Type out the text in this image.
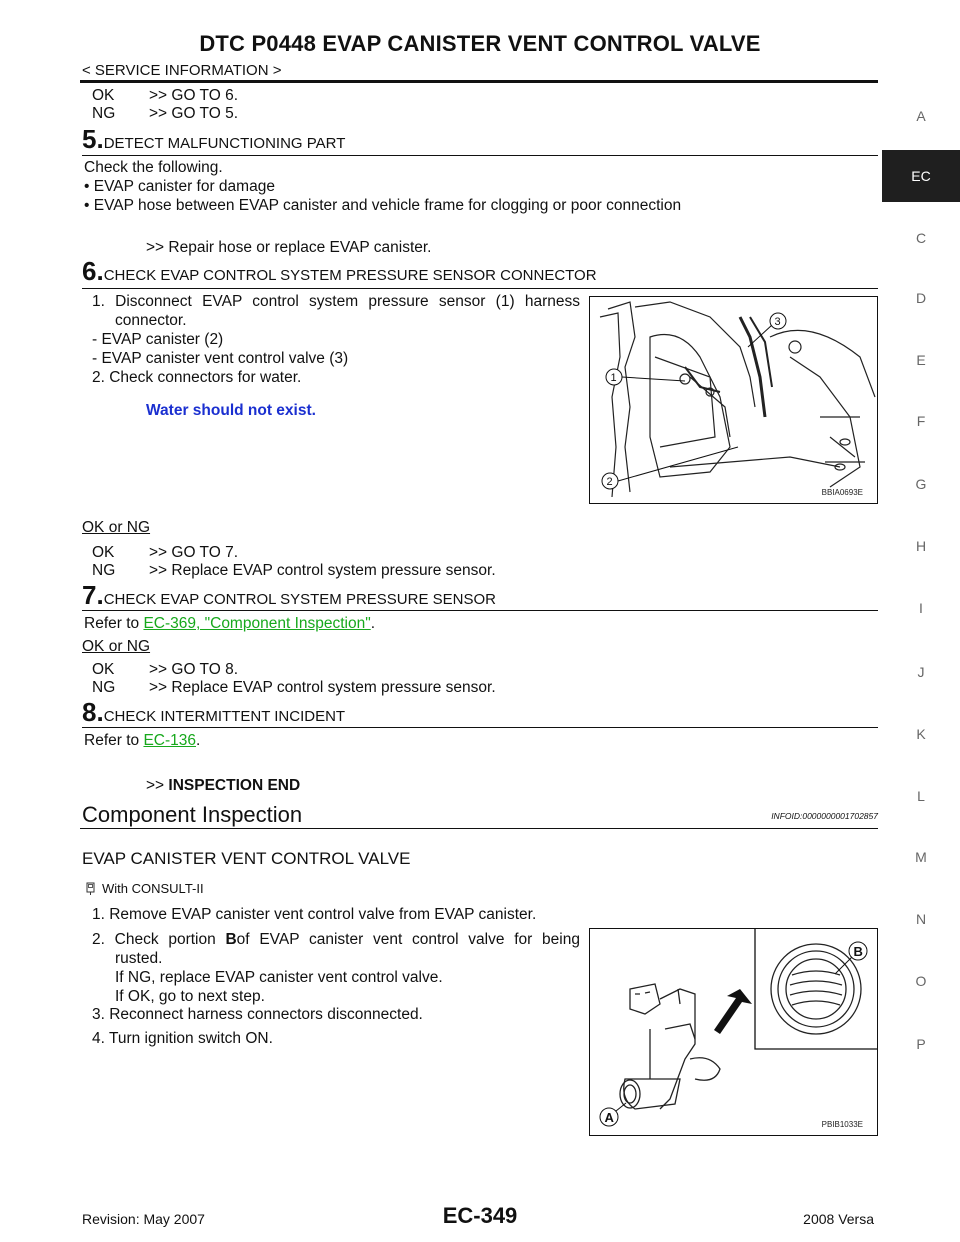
DTC P0448 EVAP CANISTER VENT CONTROL VALVE
< SERVICE INFORMATION >
A
EC
C
D
E
F
G
H
I
J
K
L
M
N
O
P
OK >> GO TO 6.
NG >> GO TO 5.
5.DETECT MALFUNCTIONING PART
Check the following.
• EVAP canister for damage
• EVAP hose between EVAP canister and vehicle frame for clogging or poor connection
>> Repair hose or replace EVAP canister.
6.CHECK EVAP CONTROL SYSTEM PRESSURE SENSOR CONNECTOR
1. Disconnect EVAP control system pressure sensor (1) harness
connector.
- EVAP canister (2)
- EVAP canister vent control valve (3)
2. Check connectors for water.
Water should not exist.
1
2
3
BBIA0693E
OK or NG
OK >> GO TO 7.
NG >> Replace EVAP control system pressure sensor.
7.CHECK EVAP CONTROL SYSTEM PRESSURE SENSOR
Refer to EC-369, "Component Inspection".
OK or NG
OK >> GO TO 8.
NG >> Replace EVAP control system pressure sensor.
8.CHECK INTERMITTENT INCIDENT
Refer to EC-136.
>> INSPECTION END
Component Inspection	INFOID:0000000001702857
EVAP CANISTER VENT CONTROL VALVE
With CONSULT-II
1. Remove EVAP canister vent control valve from EVAP canister.
2. Check portion Bof EVAP canister vent control valve for being
rusted.
If NG, replace EVAP canister vent control valve.
If OK, go to next step.
3. Reconnect harness connectors disconnected.
4. Turn ignition switch ON.
B
A	PBIB1033E
Revision: May 2007	EC-349	2008 Versa
